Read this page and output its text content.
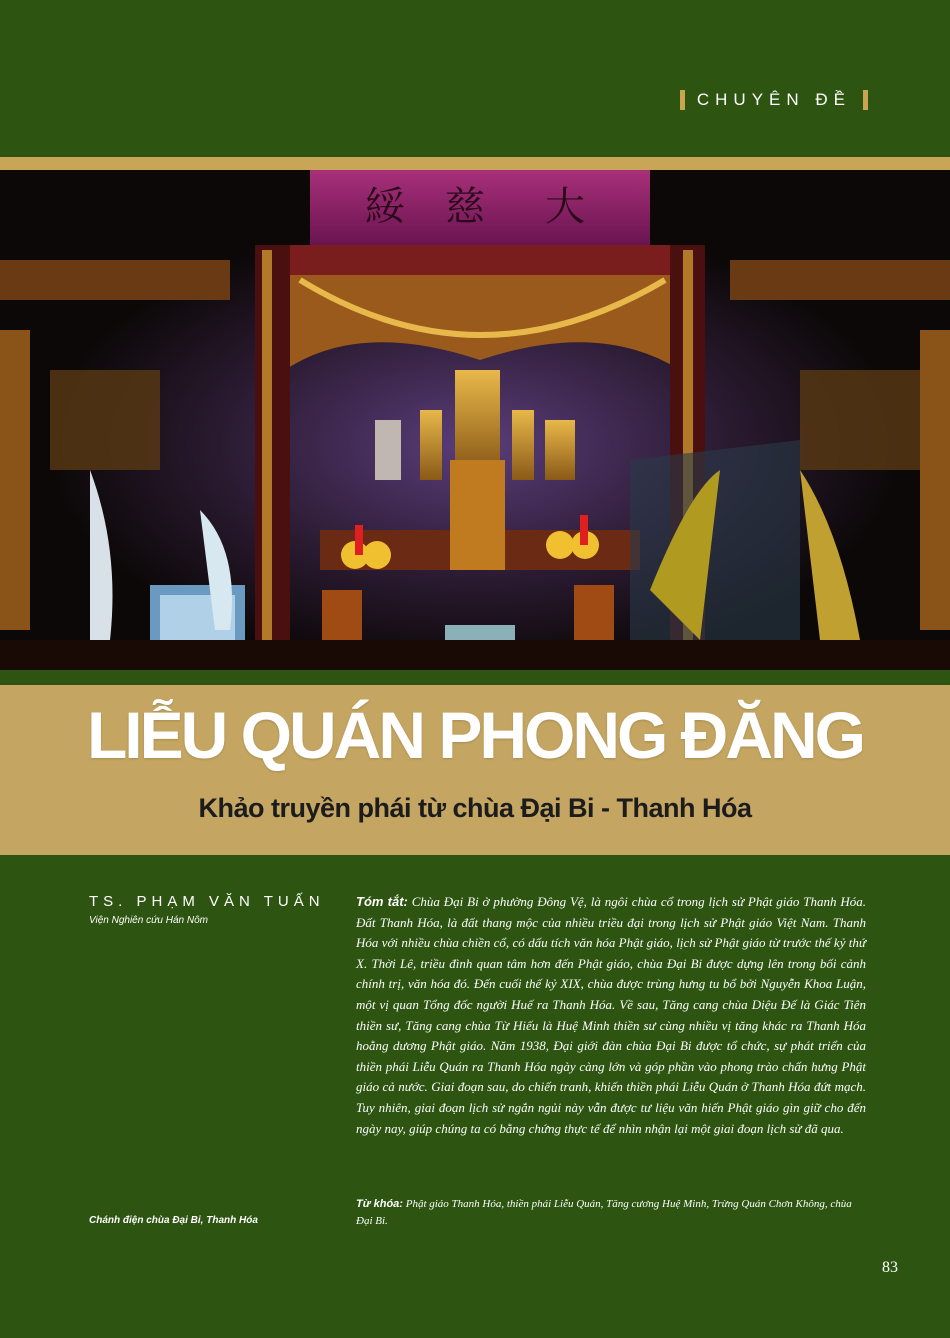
CHUYÊN ĐỀ
綏 慈 大
LIỄU QUÁN PHONG ĐĂNG
Khảo truyền phái từ chùa Đại Bi - Thanh Hóa
TS. PHẠM VĂN TUẤN
Viện Nghiên cứu Hán Nôm
Tóm tắt: Chùa Đại Bi ở phường Đông Vệ, là ngôi chùa cổ trong lịch sử Phật giáo Thanh Hóa. Đất Thanh Hóa, là đất thang mộc của nhiều triều đại trong lịch sử Phật giáo Việt Nam. Thanh Hóa với nhiều chùa chiền cổ, có dấu tích văn hóa Phật giáo, lịch sử Phật giáo từ trước thế kỷ thứ X. Thời Lê, triều đình quan tâm hơn đến Phật giáo, chùa Đại Bi được dựng lên trong bối cảnh chính trị, văn hóa đó. Đến cuối thế kỷ XIX, chùa được trùng hưng tu bổ bởi Nguyễn Khoa Luận, một vị quan Tổng đốc người Huế ra Thanh Hóa. Về sau, Tăng cang chùa Diệu Đế là Giác Tiên thiền sư, Tăng cang chùa Từ Hiếu là Huệ Minh thiền sư cùng nhiều vị tăng khác ra Thanh Hóa hoằng dương Phật giáo. Năm 1938, Đại giới đàn chùa Đại Bi được tổ chức, sự phát triển của thiền phái Liễu Quán ra Thanh Hóa ngày càng lớn và góp phần vào phong trào chấn hưng Phật giáo cả nước. Giai đoạn sau, do chiến tranh, khiến thiền phái Liễu Quán ở Thanh Hóa đứt mạch. Tuy nhiên, giai đoạn lịch sử ngắn ngủi này vẫn được tư liệu văn hiến Phật giáo gìn giữ cho đến ngày nay, giúp chúng ta có bằng chứng thực tế để nhìn nhận lại một giai đoạn lịch sử đã qua.
Từ khóa: Phật giáo Thanh Hóa, thiền phái Liễu Quán, Tăng cương Huệ Minh, Trừng Quán Chơn Không, chùa Đại Bi.
Chánh điện chùa Đại Bi, Thanh Hóa
83
